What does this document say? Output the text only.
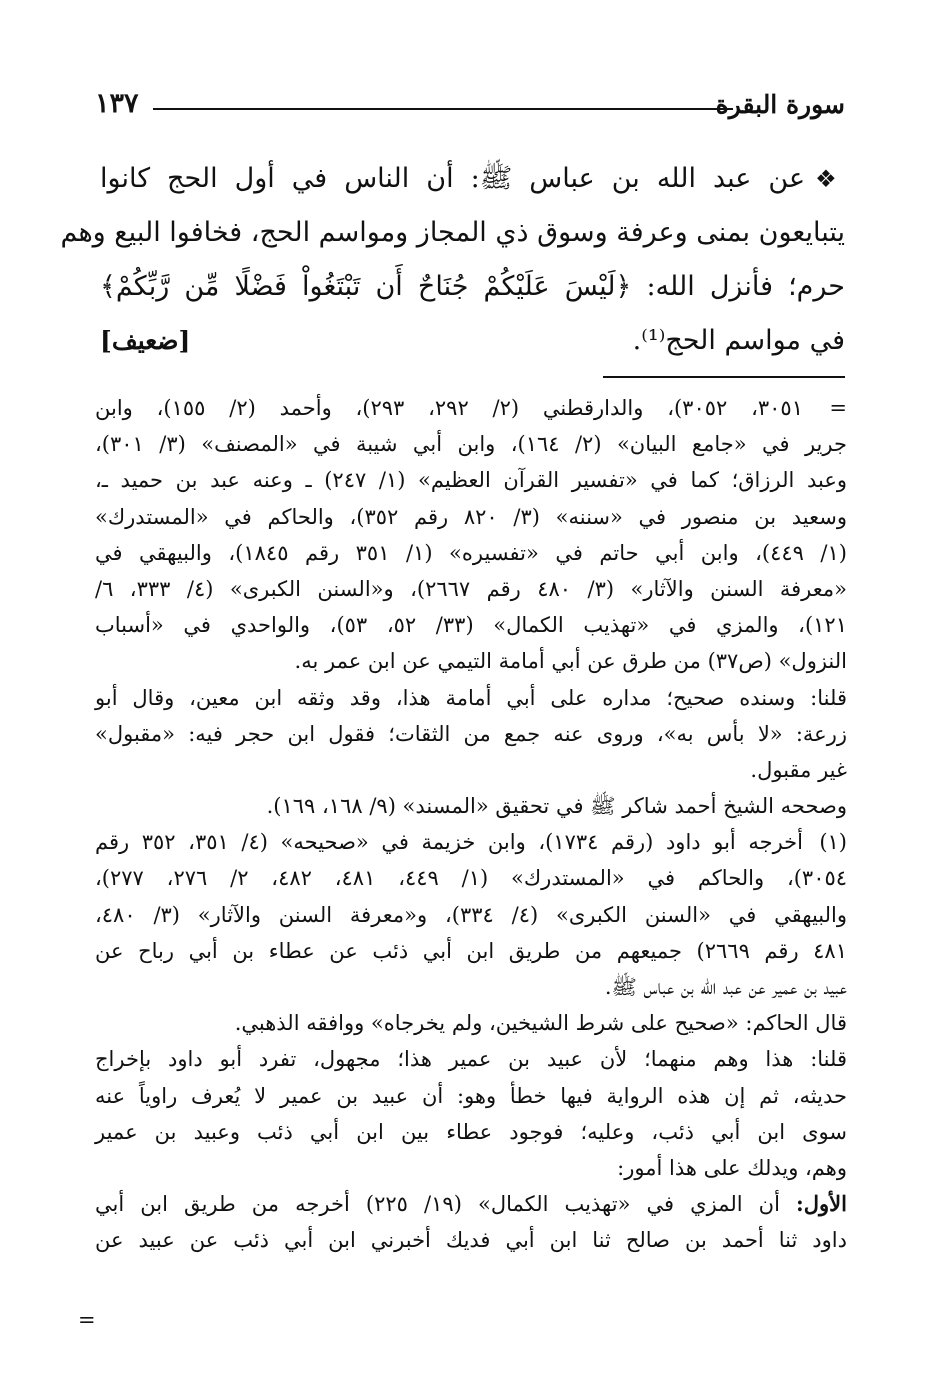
سورة البقرة
١٣٧
❖عن عبد الله بن عباس ﷺ: أن الناس في أول الحج كانوا
يتبايعون بمنى وعرفة وسوق ذي المجاز ومواسم الحج، فخافوا البيع وهم
حرم؛ فأنزل الله: ﴿لَيْسَ عَلَيْكُمْ جُنَاحٌ أَن تَبْتَغُواْ فَضْلًا مِّن رَّبِّكُمْ﴾
في مواسم الحج⁽¹⁾.
[ضعيف]
=
٣٠٥١، ٣٠٥٢)، والدارقطني (٢/ ٢٩٢، ٢٩٣)، وأحمد (٢/ ١٥٥)، وابن
جرير في «جامع البيان» (٢/ ١٦٤)، وابن أبي شيبة في «المصنف» (٣/ ٣٠١)،
وعبد الرزاق؛ كما في «تفسير القرآن العظيم» (١/ ٢٤٧) ـ وعنه عبد بن حميد ـ،
وسعيد بن منصور في «سننه» (٣/ ٨٢٠ رقم ٣٥٢)، والحاكم في «المستدرك»
(١/ ٤٤٩)، وابن أبي حاتم في «تفسيره» (١/ ٣٥١ رقم ١٨٤٥)، والبيهقي في
«معرفة السنن والآثار» (٣/ ٤٨٠ رقم ٢٦٦٧)، و«السنن الكبرى» (٤/ ٣٣٣، ٦/
١٢١)، والمزي في «تهذيب الكمال» (٣٣/ ٥٢، ٥٣)، والواحدي في «أسباب
النزول» (ص٣٧) من طرق عن أبي أمامة التيمي عن ابن عمر به.
قلنا: وسنده صحيح؛ مداره على أبي أمامة هذا، وقد وثقه ابن معين، وقال أبو
زرعة: «لا بأس به»، وروى عنه جمع من الثقات؛ فقول ابن حجر فيه: «مقبول»
غير مقبول.
وصححه الشيخ أحمد شاكر ﷺ في تحقيق «المسند» (٩/ ١٦٨، ١٦٩).
(١)
أخرجه أبو داود (رقم ١٧٣٤)، وابن خزيمة في «صحيحه» (٤/ ٣٥١، ٣٥٢ رقم
٣٠٥٤)، والحاكم في «المستدرك» (١/ ٤٤٩، ٤٨١، ٤٨٢، ٢/ ٢٧٦، ٢٧٧)،
والبيهقي في «السنن الكبرى» (٤/ ٣٣٤)، و«معرفة السنن والآثار» (٣/ ٤٨٠،
٤٨١ رقم ٢٦٦٩) جميعهم من طريق ابن أبي ذئب عن عطاء بن أبي رباح عن
عبيد بن عمير عن عبد الله بن عباس ﷺ.
قال الحاكم: «صحيح على شرط الشيخين، ولم يخرجاه» ووافقه الذهبي.
قلنا: هذا وهم منهما؛ لأن عبيد بن عمير هذا؛ مجهول، تفرد أبو داود بإخراج
حديثه، ثم إن هذه الرواية فيها خطأ وهو: أن عبيد بن عمير لا يُعرف راوياً عنه
سوى ابن أبي ذئب، وعليه؛ فوجود عطاء بين ابن أبي ذئب وعبيد بن عمير
وهم، ويدلك على هذا أمور:
الأول: أن المزي في «تهذيب الكمال» (١٩/ ٢٢٥) أخرجه من طريق ابن أبي
داود ثنا أحمد بن صالح ثنا ابن أبي فديك أخبرني ابن أبي ذئب عن عبيد عن
=
